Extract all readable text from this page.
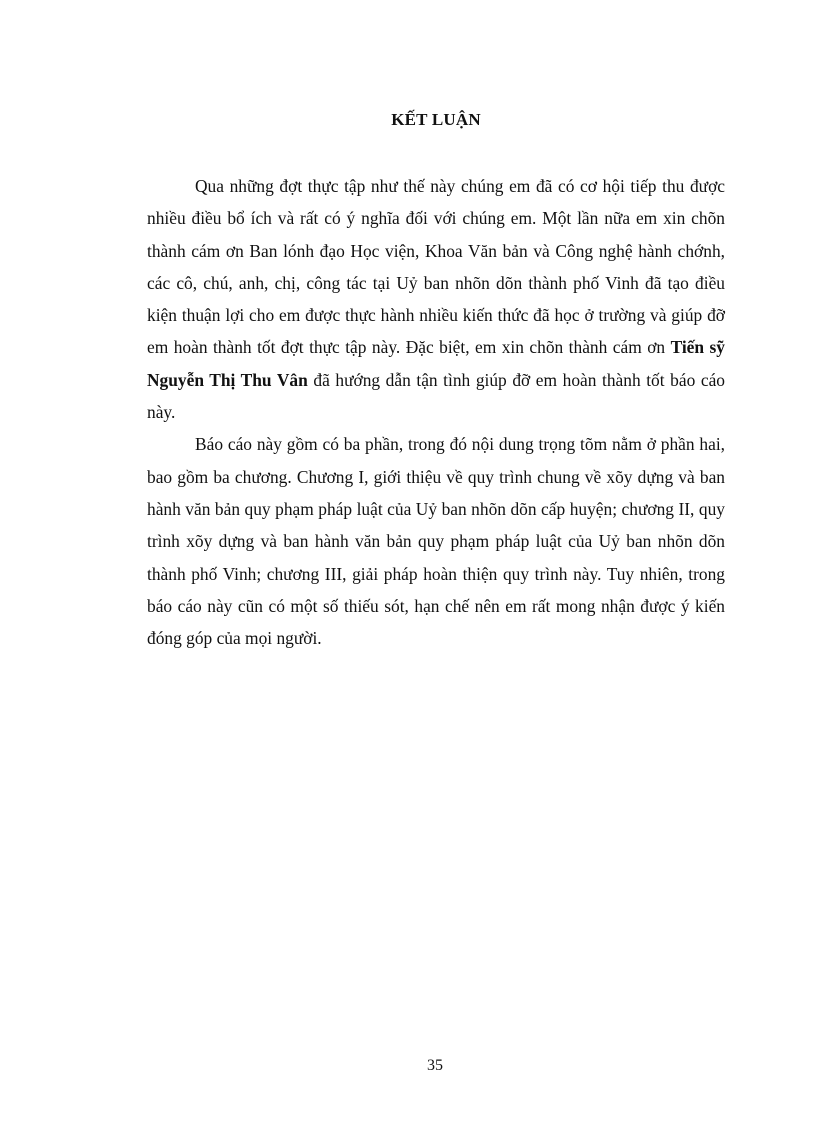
KẾT LUẬN

Qua những đợt thực tập như thế này chúng em đã có cơ hội tiếp thu được nhiều điều bổ ích và rất có ý nghĩa đối với chúng em. Một lần nữa em xin chõn thành cám ơn Ban lónh đạo Học viện, Khoa Văn bản và Công nghệ hành chớnh, các cô, chú, anh, chị, công tác tại Uỷ ban nhõn dõn thành phố Vinh đã tạo điều kiện thuận lợi cho em được thực hành nhiều kiến thức đã học ở trường và giúp đỡ em hoàn thành tốt đợt thực tập này. Đặc biệt, em xin chõn thành cám ơn Tiến sỹ Nguyễn Thị Thu Vân đã hướng dẫn tận tình giúp đỡ em hoàn thành tốt báo cáo này.

Báo cáo này gồm có ba phần, trong đó nội dung trọng tõm nằm ở phần hai, bao gồm ba chương. Chương I, giới thiệu về quy trình chung về xõy dựng và ban hành văn bản quy phạm pháp luật của Uỷ ban nhõn dõn cấp huyện; chương II, quy trình xõy dựng và ban hành văn bản quy phạm pháp luật của Uỷ ban nhõn dõn thành phố Vinh; chương III, giải pháp hoàn thiện quy trình này. Tuy nhiên, trong báo cáo này cũn có một số thiếu sót, hạn chế nên em rất mong nhận được ý kiến đóng góp của mọi người.

35
